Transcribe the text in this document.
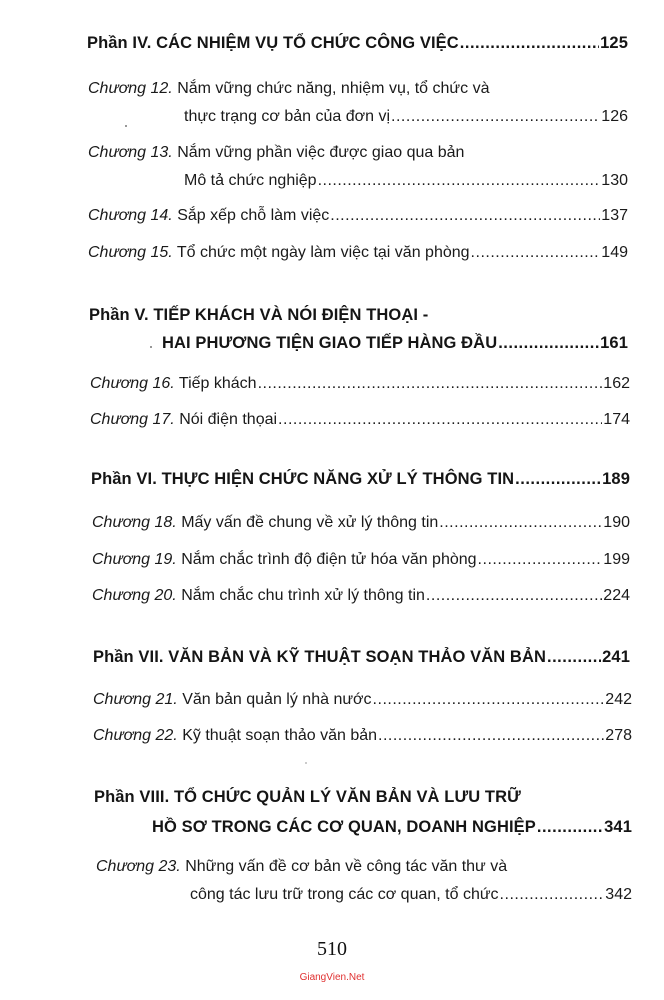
Phần IV. CÁC NHIỆM VỤ TỔ CHỨC CÔNG VIỆC .....	125
Chương 12. Nắm vững chức năng, nhiệm vụ, tổ chức và
thực trạng cơ bản của đơn vị .....	126
Chương 13. Nắm vững phần việc được giao qua bản
Mô tả chức nghiệp .....	130
Chương 14. Sắp xếp chỗ làm việc .....	137
Chương 15. Tổ chức một ngày làm việc tại văn phòng .....	149
Phần V. TIẾP KHÁCH VÀ NÓI ĐIỆN THOẠI -
HAI PHƯƠNG TIỆN GIAO TIẾP HÀNG ĐẦU .....	161
Chương 16. Tiếp khách .....	162
Chương 17. Nói điện thọai .....	174
Phần VI. THỰC HIỆN CHỨC NĂNG XỬ LÝ THÔNG TIN .....	189
Chương 18. Mấy vấn đề chung về xử lý thông tin .....	190
Chương 19. Nắm chắc trình độ điện tử hóa văn phòng .....	199
Chương 20. Nắm chắc chu trình xử lý thông tin .....	224
Phần VII. VĂN BẢN VÀ KỸ THUẬT SOẠN THẢO VĂN BẢN .....	241
Chương 21. Văn bản quản lý nhà nước .....	242
Chương 22. Kỹ thuật soạn thảo văn bản .....	278
Phần VIII. TỔ CHỨC QUẢN LÝ VĂN BẢN VÀ LƯU TRỮ
HỒ SƠ TRONG CÁC CƠ QUAN, DOANH NGHIỆP .....	341
Chương 23. Những vấn đề cơ bản về công tác văn thư và
công tác lưu trữ trong các cơ quan, tổ chức .....	342
510
GiangVien.Net
